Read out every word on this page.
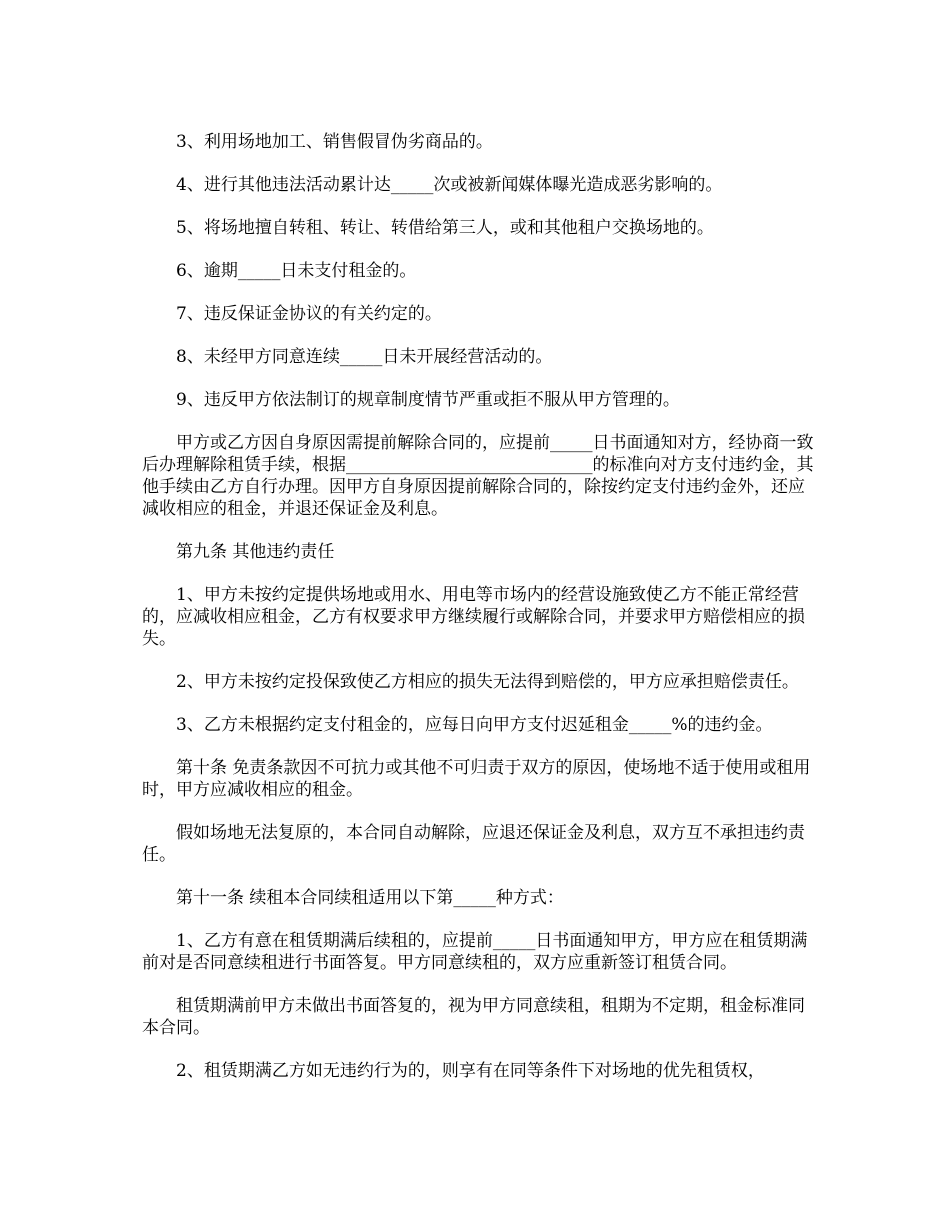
3、利用场地加工、销售假冒伪劣商品的。

4、进行其他违法活动累计达_____次或被新闻媒体曝光造成恶劣影响的。

5、将场地擅自转租、转让、转借给第三人，或和其他租户交换场地的。

6、逾期_____日未支付租金的。

7、违反保证金协议的有关约定的。

8、未经甲方同意连续_____日未开展经营活动的。

9、违反甲方依法制订的规章制度情节严重或拒不服从甲方管理的。

甲方或乙方因自身原因需提前解除合同的，应提前_____日书面通知对方，经协商一致后办理解除租赁手续，根据_____________________________的标准向对方支付违约金，其他手续由乙方自行办理。因甲方自身原因提前解除合同的，除按约定支付违约金外，还应减收相应的租金，并退还保证金及利息。

第九条 其他违约责任

1、甲方未按约定提供场地或用水、用电等市场内的经营设施致使乙方不能正常经营的，应减收相应租金，乙方有权要求甲方继续履行或解除合同，并要求甲方赔偿相应的损失。

2、甲方未按约定投保致使乙方相应的损失无法得到赔偿的，甲方应承担赔偿责任。

3、乙方未根据约定支付租金的，应每日向甲方支付迟延租金_____%的违约金。

第十条 免责条款因不可抗力或其他不可归责于双方的原因，使场地不适于使用或租用时，甲方应减收相应的租金。

假如场地无法复原的，本合同自动解除，应退还保证金及利息，双方互不承担违约责任。

第十一条 续租本合同续租适用以下第_____种方式：

1、乙方有意在租赁期满后续租的，应提前_____日书面通知甲方，甲方应在租赁期满前对是否同意续租进行书面答复。甲方同意续租的，双方应重新签订租赁合同。

租赁期满前甲方未做出书面答复的，视为甲方同意续租，租期为不定期，租金标准同本合同。

2、租赁期满乙方如无违约行为的，则享有在同等条件下对场地的优先租赁权，
